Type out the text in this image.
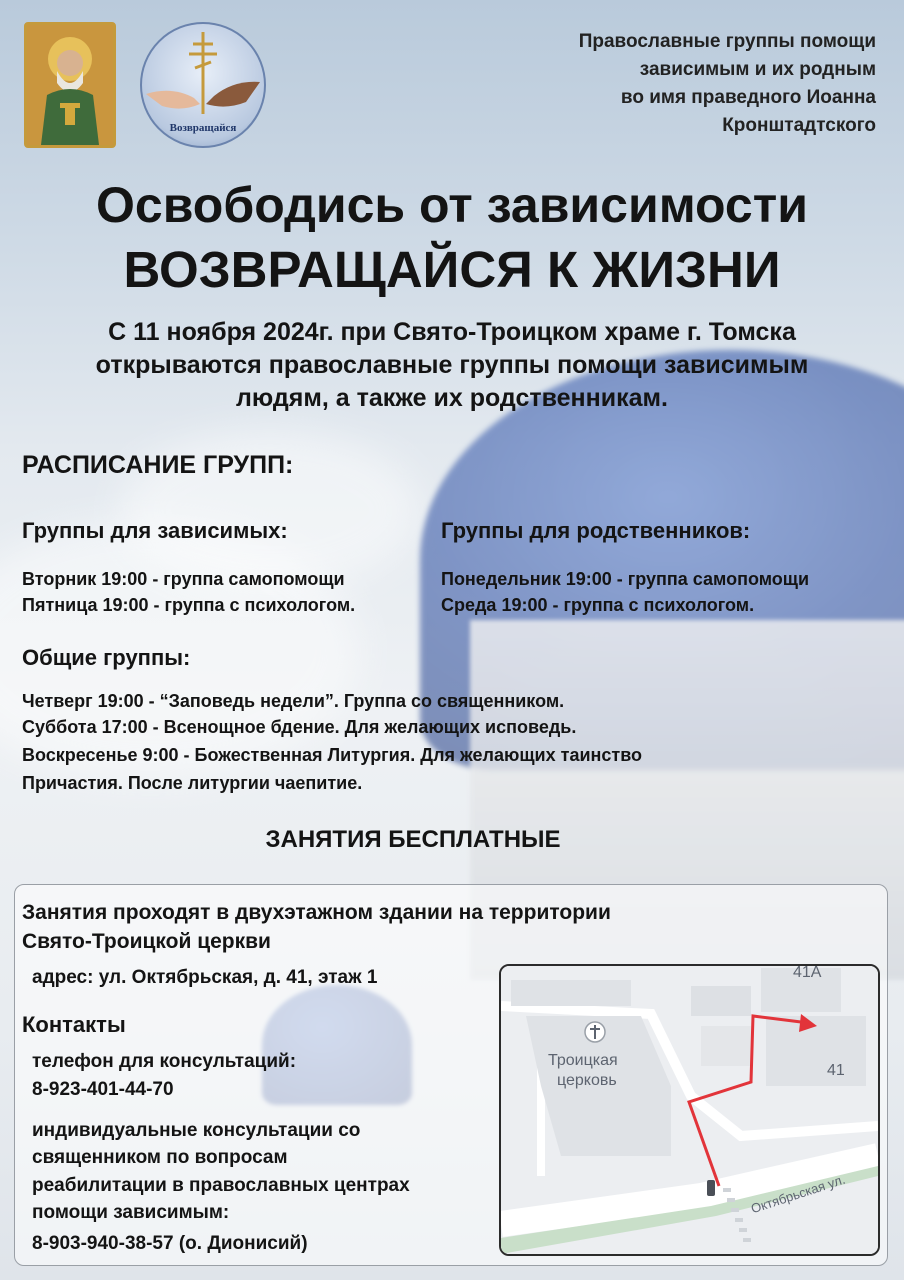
Возвращайся
Православные группы помощи
зависимым и их родным
во имя праведного Иоанна
Кронштадтского
Освободись от зависимости
ВОЗВРАЩАЙСЯ К ЖИЗНИ
С 11 ноября 2024г. при Свято-Троицком храме г. Томска
открываются православные группы помощи зависимым
людям, а также их родственникам.
РАСПИСАНИЕ ГРУПП:
Группы для зависимых:
Вторник 19:00 - группа самопомощи
Пятница 19:00 - группа с психологом.
Группы для родственников:
Понедельник 19:00 - группа самопомощи
Среда 19:00 - группа с психологом.
Общие группы:
Четверг 19:00 - “Заповедь недели”. Группа со священником.
Суббота 17:00 - Всенощное бдение. Для желающих исповедь.
Воскресенье 9:00 - Божественная Литургия. Для желающих таинство
Причастия. После литургии чаепитие.
ЗАНЯТИЯ БЕСПЛАТНЫЕ
Занятия проходят в двухэтажном здании на территории
Свято-Троицкой церкви
адрес: ул. Октябрьская, д. 41, этаж 1
Контакты
телефон для консультаций:
8-923-401-44-70
индивидуальные консультации со
священником по вопросам
реабилитации в православных центрах
помощи зависимым:
8-903-940-38-57 (о. Дионисий)
Троицкая
церковь
41
41А
Октябрьская ул.
